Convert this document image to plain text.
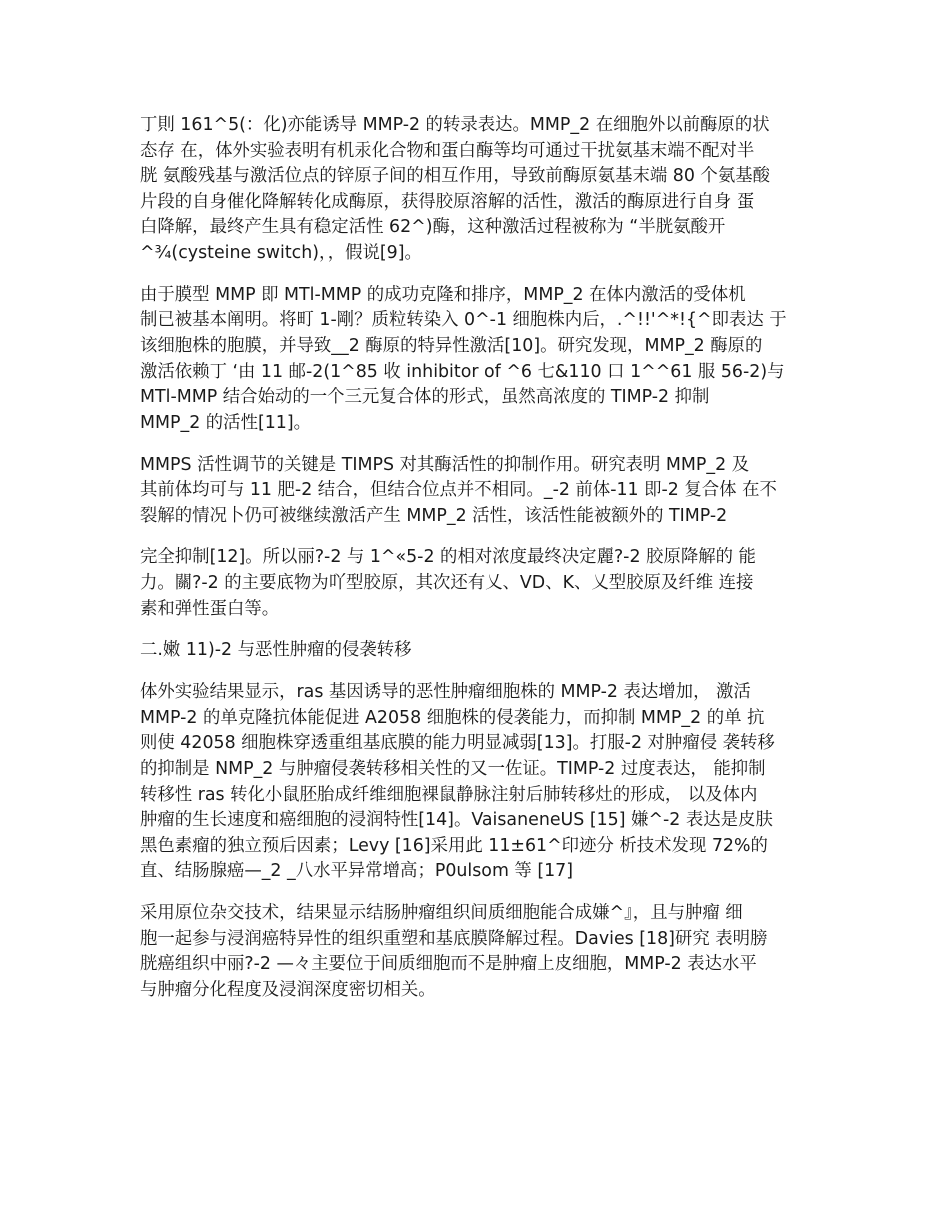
丁則 161^5(：化)亦能诱导 MMP-2 的转录表达。MMP_2 在细胞外以前酶原的状
态存 在，体外实验表明有机汞化合物和蛋白酶等均可通过干扰氨基末端不配对半
胱 氨酸残基与激活位点的锌原子间的相互作用，导致前酶原氨基末端 80 个氨基酸
片段的自身催化降解转化成酶原，获得胶原溶解的活性，激活的酶原进行自身 蛋
白降解，最终产生具有稳定活性 62^)酶，这种激活过程被称为 “半胱氨酸开
^¾(cysteine switch)，，假说[9]。

由于膜型 MMP 即 MTl-MMP 的成功克隆和排序，MMP_2 在体内激活的受体机
制已被基本阐明。将町 1-剛？质粒转染入 0^-1 细胞株内后，.^!!'^*!{^即表达 于
该细胞株的胞膜，并导致__2 酶原的特异性激活[10]。研究发现，MMP_2 酶原的
激活依赖丁 ‘由 11 邮-2(1^85 收 inhibitor of ^6 七&110 口 1^^61 服 56-2)与
MTl-MMP 结合始动的一个三元复合体的形式，虽然高浓度的 TIMP-2 抑制
MMP_2 的活性[11]。

MMPS 活性调节的关键是 TIMPS 对其酶活性的抑制作用。研究表明 MMP_2 及
其前体均可与 11 肥-2 结合，但结合位点并不相同。_-2 前体-11 即-2 复合体 在不
裂解的情况卜仍可被继续激活产生 MMP_2 活性，该活性能被额外的 TIMP-2

完全抑制[12]。所以丽?-2 与 1^«5-2 的相对浓度最终决定麗?-2 胶原降解的 能
力。關?-2 的主要底物为吖型胶原，其次还有乂、VD、K、乂型胶原及纤维 连接
素和弹性蛋白等。

二.嫩 11)-2 与恶性肿瘤的侵袭转移

体外实验结果显示，ras 基因诱导的恶性肿瘤细胞株的 MMP-2 表达增加， 激活
MMP-2 的单克隆抗体能促进 A2058 细胞株的侵袭能力，而抑制 MMP_2 的单 抗
则使 42058 细胞株穿透重组基底膜的能力明显减弱[13]。打服-2 对肿瘤侵 袭转移
的抑制是 NMP_2 与肿瘤侵袭转移相关性的又一佐证。TIMP-2 过度表达， 能抑制
转移性 ras 转化小鼠胚胎成纤维细胞裸鼠静脉注射后肺转移灶的形成， 以及体内
肿瘤的生长速度和癌细胞的浸润特性[14]。VaisaneneUS [15] 嫌^-2 表达是皮肤
黑色素瘤的独立预后因素；Levy [16]采用此 11±61^印迹分 析技术发现 72%的
直、结肠腺癌—_2 _八水平异常增高；P0ulsom 等 [17]

采用原位杂交技术，结果显示结肠肿瘤组织间质细胞能合成嫌^』，且与肿瘤 细
胞一起参与浸润癌特异性的组织重塑和基底膜降解过程。Davies [18]研究 表明膀
胱癌组织中丽?-2 —々主要位于间质细胞而不是肿瘤上皮细胞，MMP-2 表达水平
与肿瘤分化程度及浸润深度密切相关。
